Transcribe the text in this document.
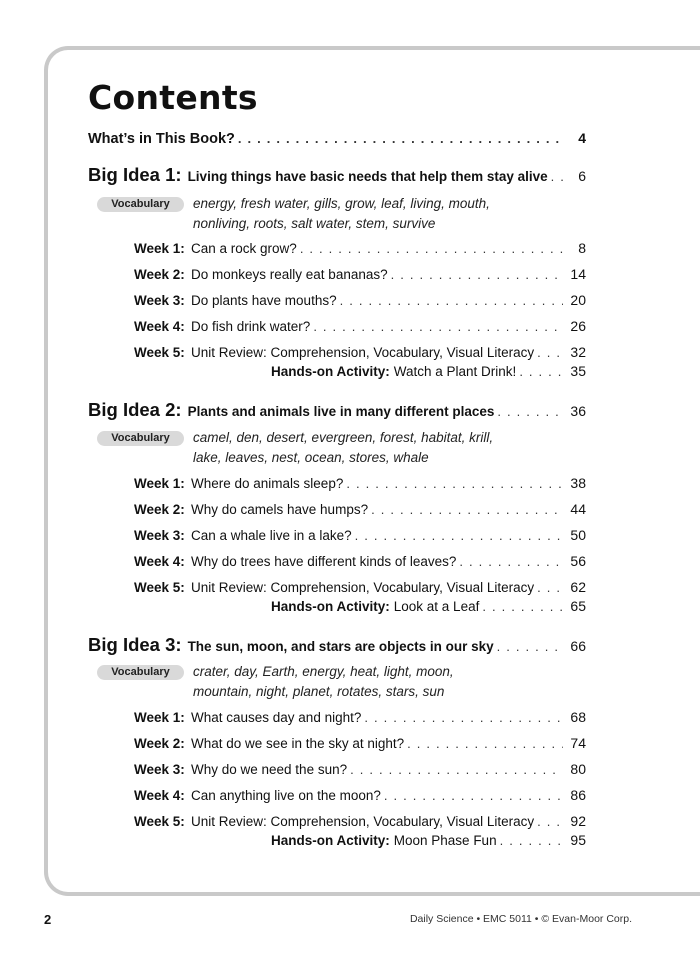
Contents
What’s in This Book? . . .	4
Big Idea 1: Living things have basic needs that help them stay alive . . .	6
Vocabulary	energy, fresh water, gills, grow, leaf, living, mouth,
nonliving, roots, salt water, stem, survive
Week 1: Can a rock grow? . . .	8
Week 2: Do monkeys really eat bananas? . . .	14
Week 3: Do plants have mouths? . . .	20
Week 4: Do fish drink water? . . .	26
Week 5: Unit Review: Comprehension, Vocabulary, Visual Literacy . . .	32
Hands-on Activity: Watch a Plant Drink! . . .	35
Big Idea 2: Plants and animals live in many different places . . .	36
Vocabulary	camel, den, desert, evergreen, forest, habitat, krill,
lake, leaves, nest, ocean, stores, whale
Week 1: Where do animals sleep? . . .	38
Week 2: Why do camels have humps? . . .	44
Week 3: Can a whale live in a lake? . . .	50
Week 4: Why do trees have different kinds of leaves? . . .	56
Week 5: Unit Review: Comprehension, Vocabulary, Visual Literacy . . .	62
Hands-on Activity: Look at a Leaf . . .	65
Big Idea 3: The sun, moon, and stars are objects in our sky . . .	66
Vocabulary	crater, day, Earth, energy, heat, light, moon,
mountain, night, planet, rotates, stars, sun
Week 1: What causes day and night? . . .	68
Week 2: What do we see in the sky at night? . . .	74
Week 3: Why do we need the sun? . . .	80
Week 4: Can anything live on the moon? . . .	86
Week 5: Unit Review: Comprehension, Vocabulary, Visual Literacy . . .	92
Hands-on Activity: Moon Phase Fun . . .	95
2	Daily Science • EMC 5011 • © Evan-Moor Corp.
